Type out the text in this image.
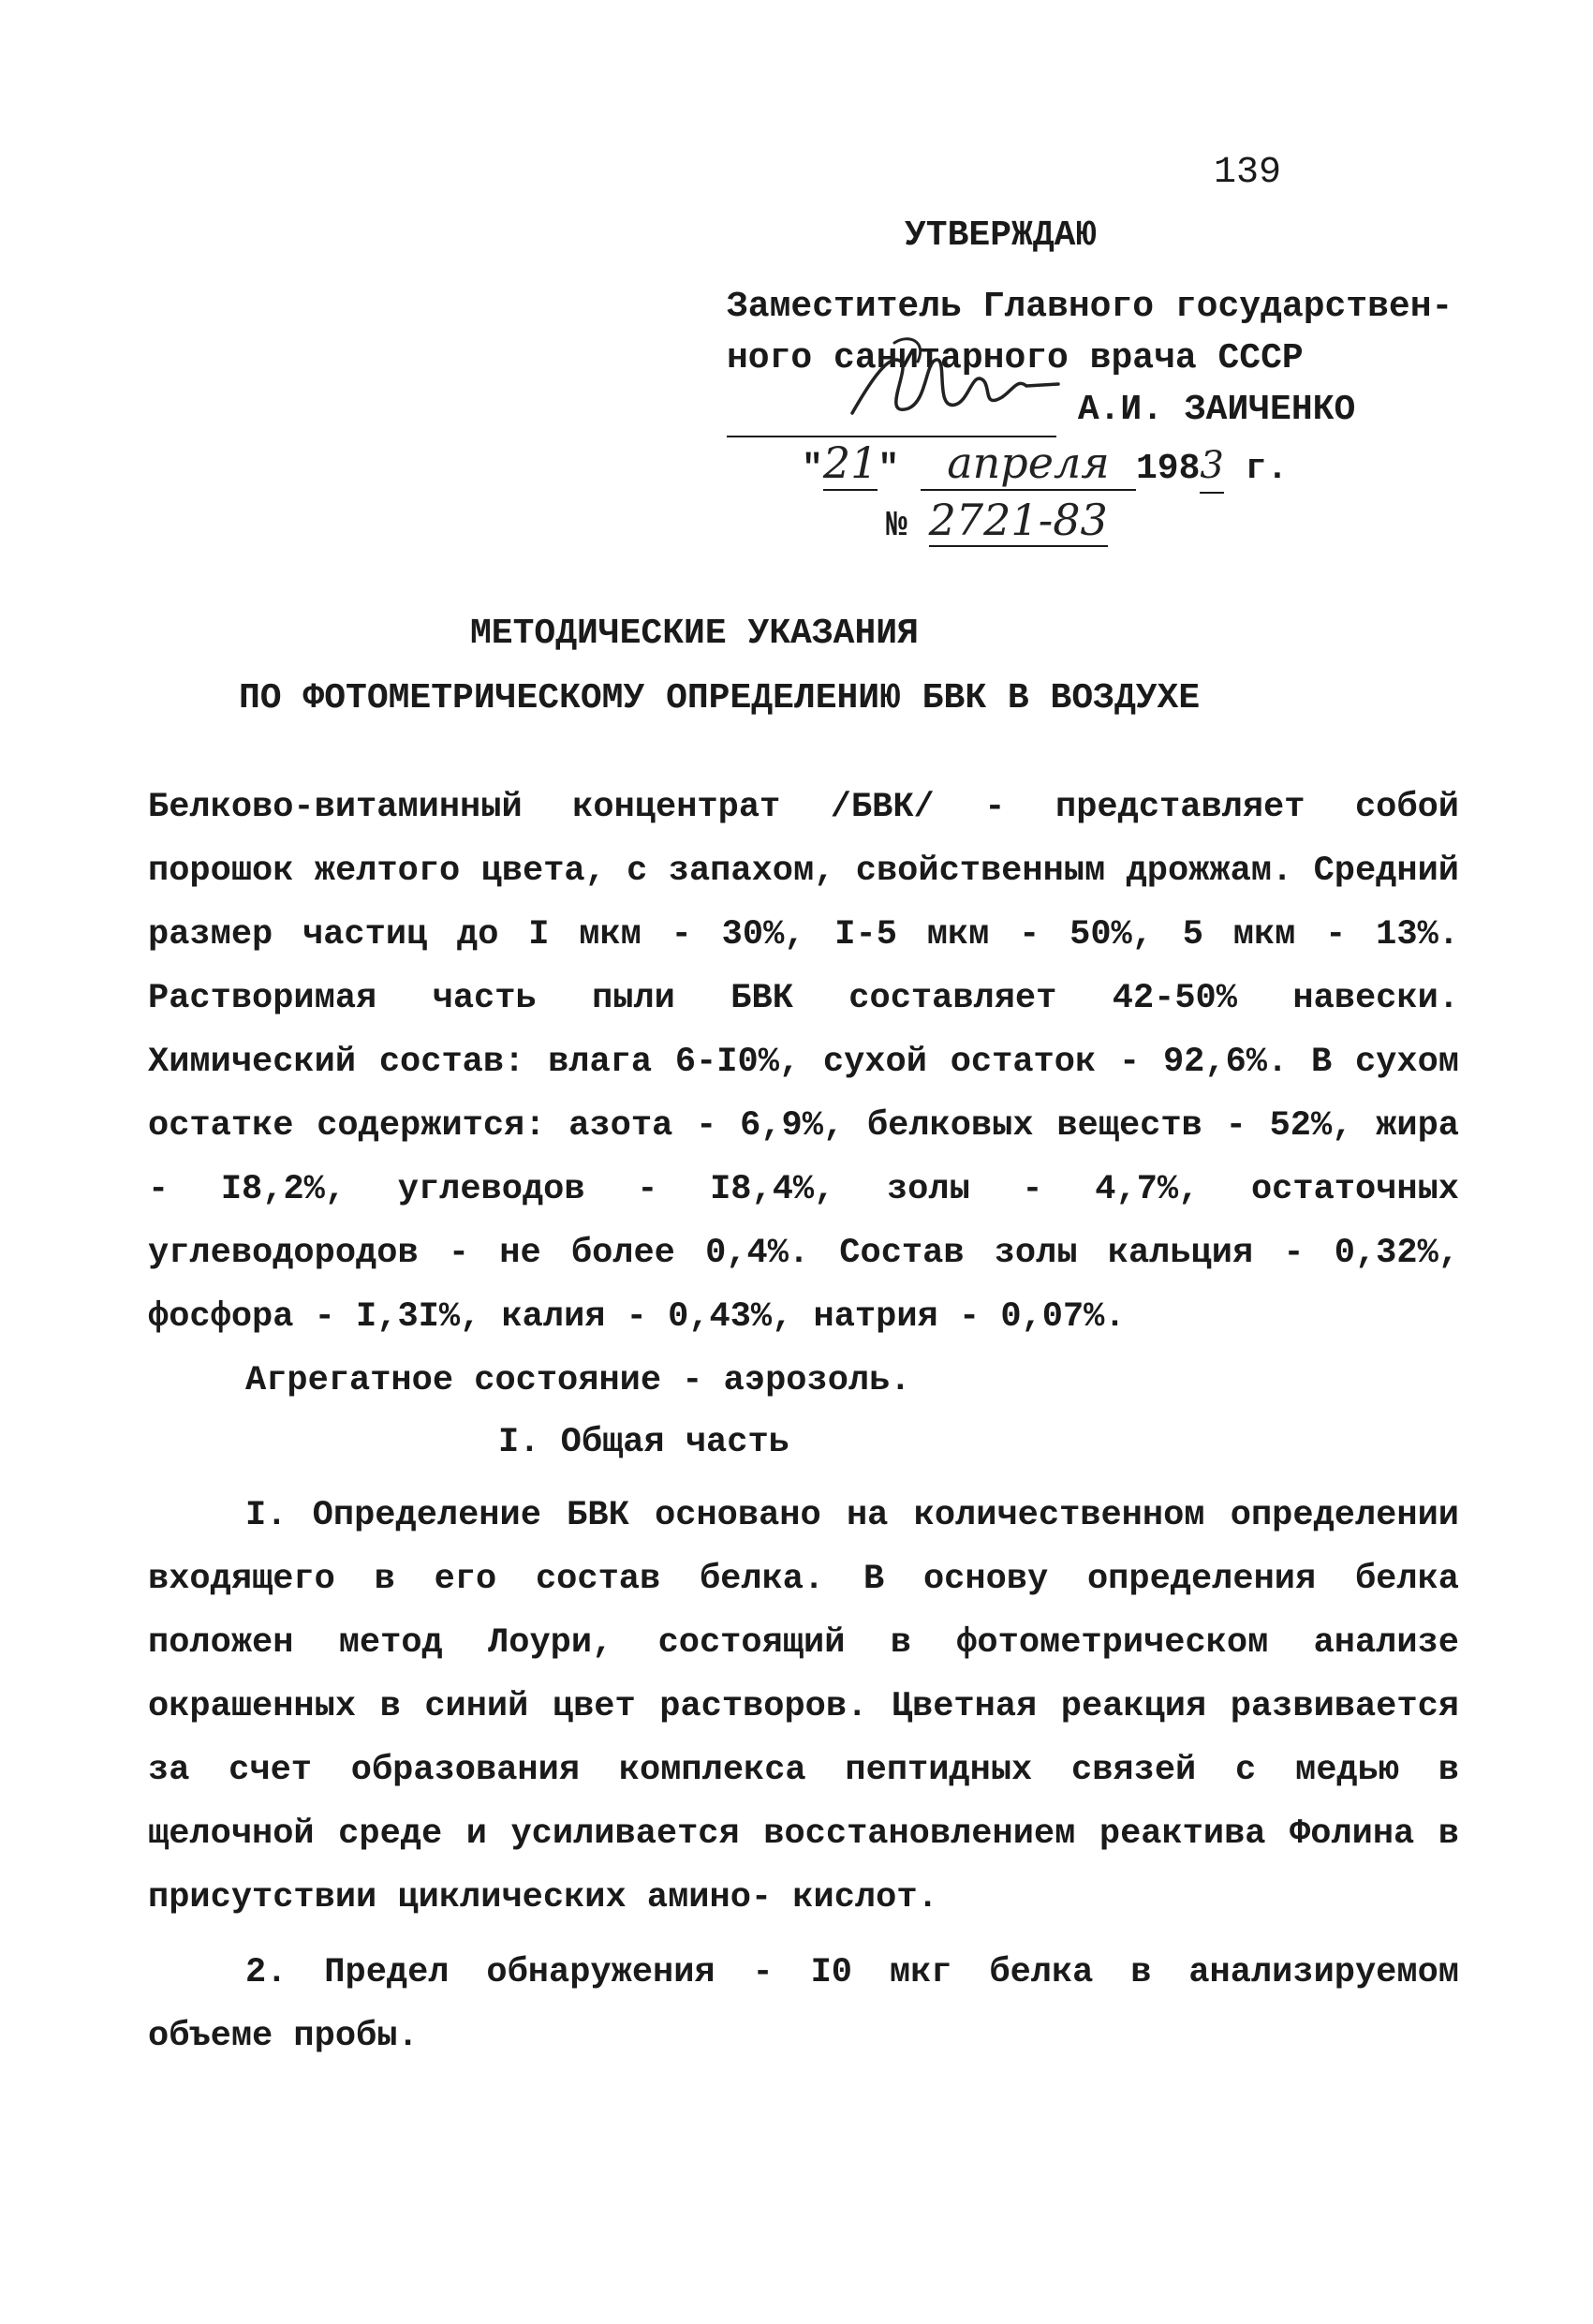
139
УТВЕРЖДАЮ
Заместитель Главного государствен-
ного санитарного врача СССР
А.И. ЗАИЧЕНКО
"21" апреля 1983 г.
№ 2721-83
МЕТОДИЧЕСКИЕ УКАЗАНИЯ
ПО ФОТОМЕТРИЧЕСКОМУ ОПРЕДЕЛЕНИЮ БВК В ВОЗДУХЕ

Белково-витаминный концентрат /БВК/ - представляет собой порошок желтого цвета, с запахом, свойственным дрожжам. Средний размер частиц до I мкм - 30%, I-5 мкм - 50%, 5 мкм - 13%. Растворимая часть пыли БВК составляет 42-50% навески. Химический состав: влага 6-I0%, сухой остаток - 92,6%. В сухом остатке содержится: азота - 6,9%, белковых веществ - 52%, жира - I8,2%, углеводов - I8,4%, золы - 4,7%, остаточных углеводородов - не более 0,4%. Состав золы кальция - 0,32%, фосфора - I,3I%, калия - 0,43%, натрия - 0,07%.

Агрегатное состояние - аэрозоль.

I. Общая часть

I. Определение БВК основано на количественном определении входящего в его состав белка. В основу определения белка положен метод Лоури, состоящий в фотометрическом анализе окрашенных в синий цвет растворов. Цветная реакция развивается за счет образования комплекса пептидных связей с медью в щелочной среде и усиливается восстановлением реактива Фолина в присутствии циклических амино- кислот.

2. Предел обнаружения - I0 мкг белка в анализируемом объеме пробы.
